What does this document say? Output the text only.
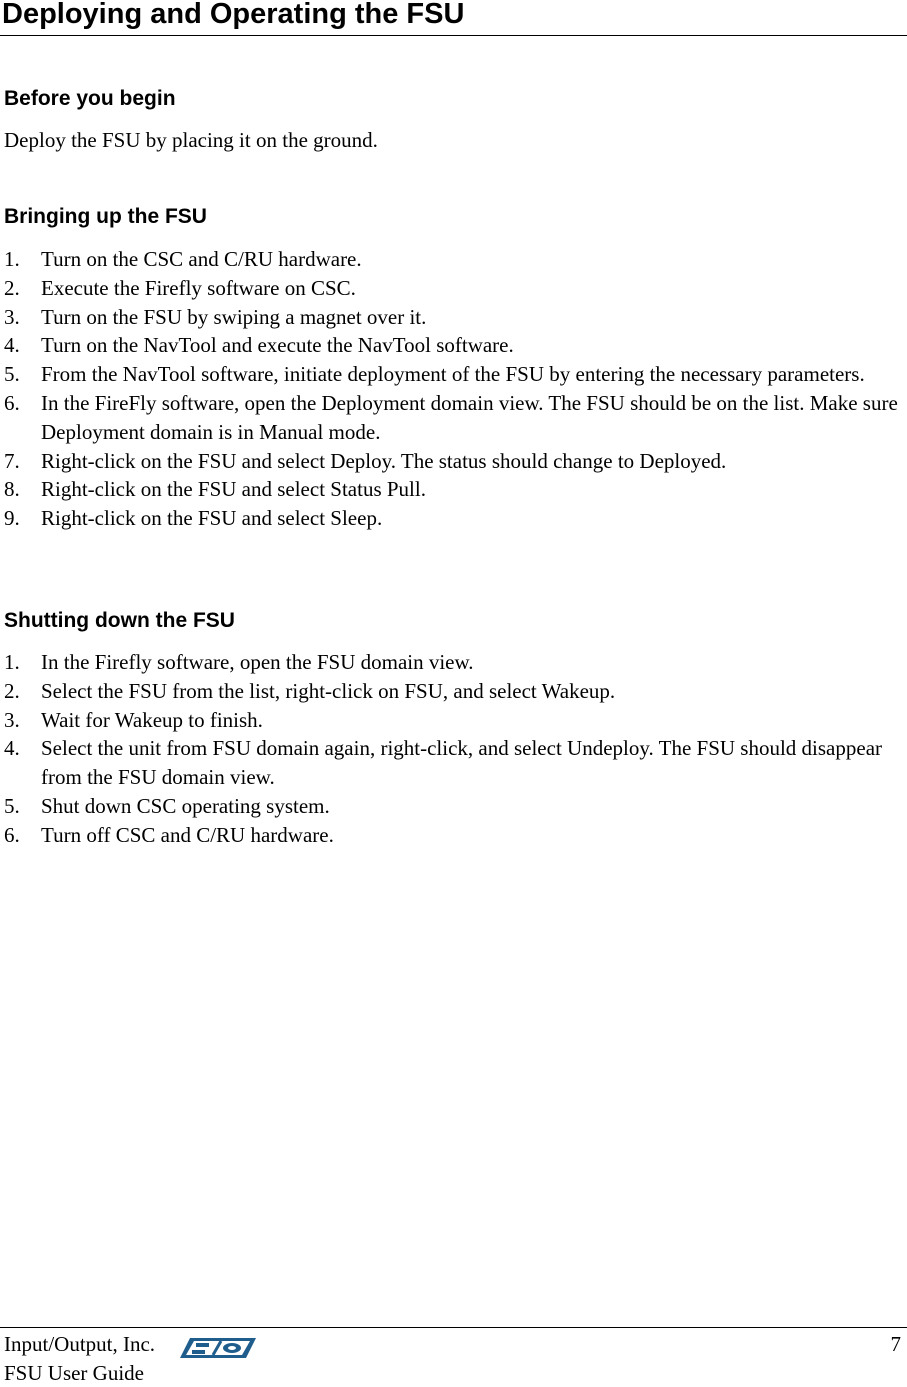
Deploying and Operating the FSU
Before you begin

Deploy the FSU by placing it on the ground.

Bringing up the FSU
1. Turn on the CSC and C/RU hardware.
2. Execute the Firefly software on CSC.
3. Turn on the FSU by swiping a magnet over it.
4. Turn on the NavTool and execute the NavTool software.
5. From the NavTool software, initiate deployment of the FSU by entering the necessary parameters.
6. In the FireFly software, open the Deployment domain view. The FSU should be on the list. Make sure Deployment domain is in Manual mode.
7. Right-click on the FSU and select Deploy. The status should change to Deployed.
8. Right-click on the FSU and select Status Pull.
9. Right-click on the FSU and select Sleep.
Shutting down the FSU
1. In the Firefly software, open the FSU domain view.
2. Select the FSU from the list, right-click on FSU, and select Wakeup.
3. Wait for Wakeup to finish.
4. Select the unit from FSU domain again, right-click, and select Undeploy. The FSU should disappear from the FSU domain view.
5. Shut down CSC operating system.
6. Turn off CSC and C/RU hardware.
Input/Output, Inc.	7
FSU User Guide
